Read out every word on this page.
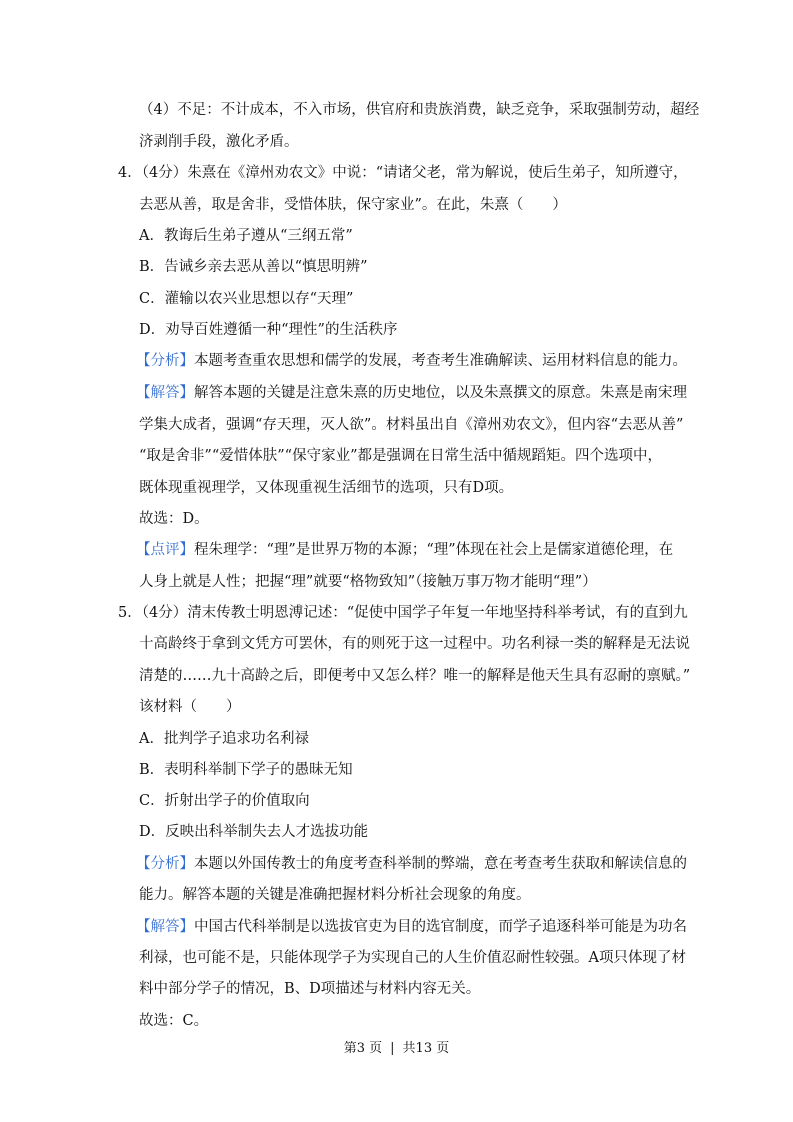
（4）不足：不计成本，不入市场，供官府和贵族消费，缺乏竞争，采取强制劳动，超经
济剥削手段，激化矛盾。
4．（4分）朱熹在《漳州劝农文》中说：“请诸父老，常为解说，使后生弟子，知所遵守，
去恶从善，取是舍非，受惜体肤，保守家业”。在此，朱熹（　　）
A．教诲后生弟子遵从“三纲五常”
B．告诫乡亲去恶从善以“慎思明辨”
C．灌输以农兴业思想以存“天理”
D．劝导百姓遵循一种“理性”的生活秩序
【分析】本题考查重农思想和儒学的发展，考查考生准确解读、运用材料信息的能力。
【解答】解答本题的关键是注意朱熹的历史地位，以及朱熹撰文的原意。朱熹是南宋理
学集大成者，强调“存天理，灭人欲”。材料虽出自《漳州劝农文》，但内容“去恶从善”
“取是舍非”“爱惜体肤”“保守家业”都是强调在日常生活中循规蹈矩。四个选项中，
既体现重视理学，又体现重视生活细节的选项，只有D项。
故选：D。
【点评】程朱理学：“理”是世界万物的本源；“理”体现在社会上是儒家道德伦理，在
人身上就是人性；把握“理”就要“格物致知”（接触万事万物才能明“理”）
5．（4分）清末传教士明恩溥记述：“促使中国学子年复一年地坚持科举考试，有的直到九
十高龄终于拿到文凭方可罢休，有的则死于这一过程中。功名利禄一类的解释是无法说
清楚的……九十高龄之后，即便考中又怎么样？唯一的解释是他天生具有忍耐的禀赋。”
该材料（　　）
A．批判学子追求功名利禄
B．表明科举制下学子的愚昧无知
C．折射出学子的价值取向
D．反映出科举制失去人才选拔功能
【分析】本题以外国传教士的角度考查科举制的弊端，意在考查考生获取和解读信息的
能力。解答本题的关键是准确把握材料分析社会现象的角度。
【解答】中国古代科举制是以选拔官吏为目的选官制度，而学子追逐科举可能是为功名
利禄，也可能不是，只能体现学子为实现自己的人生价值忍耐性较强。A项只体现了材
料中部分学子的情况，B、D项描述与材料内容无关。
故选：C。
第3 页 | 共13 页
